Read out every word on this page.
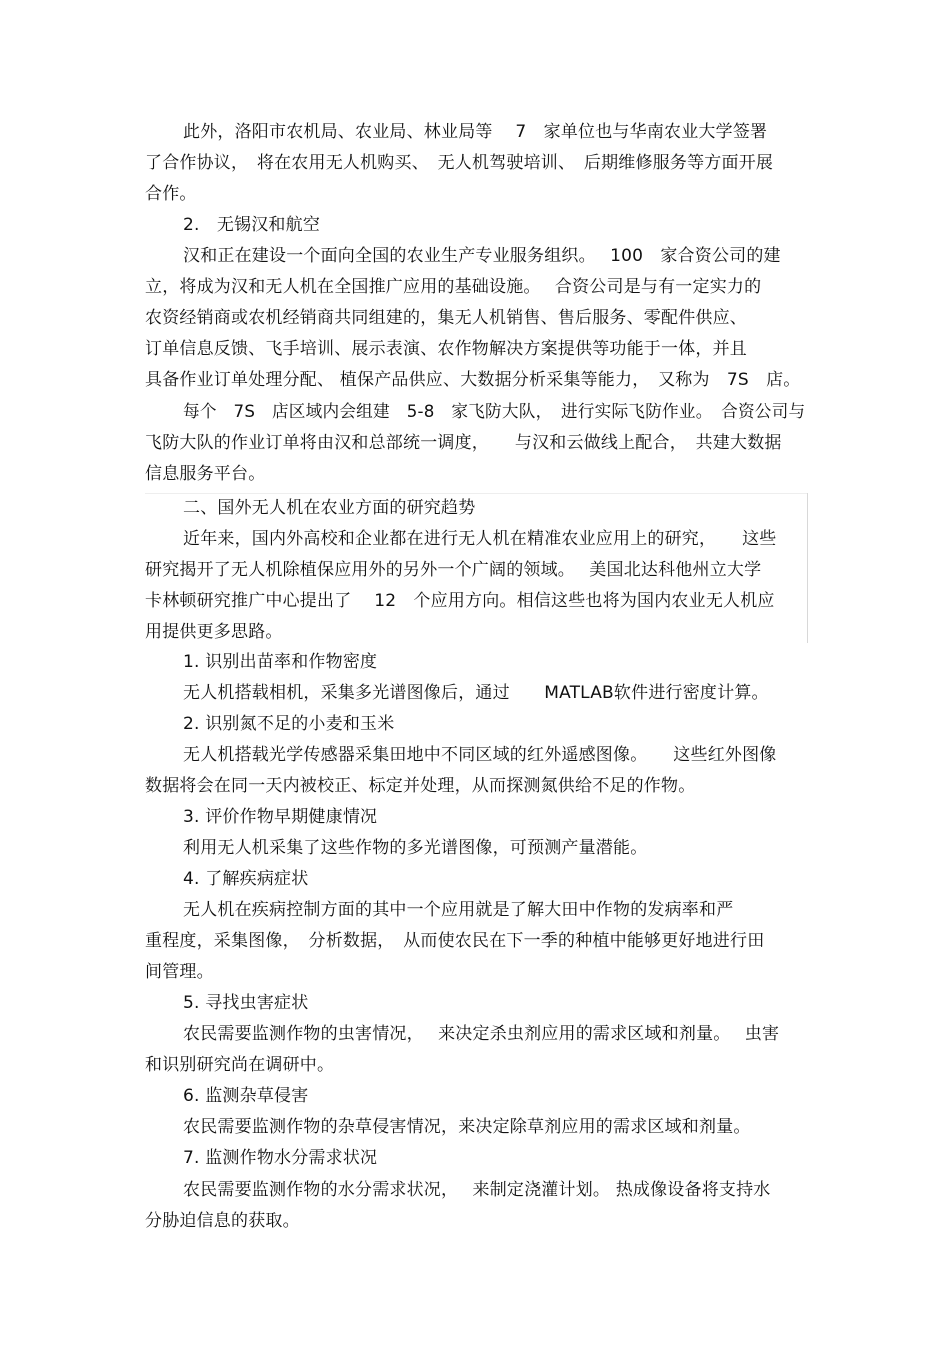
此外，洛阳市农机局、农业局、林业局等　 7　家单位也与华南农业大学签署
了合作协议，　将在农用无人机购买、　无人机驾驶培训、　后期维修服务等方面开展
合作。
2.　无锡汉和航空
汉和正在建设一个面向全国的农业生产专业服务组织。　 100　家合资公司的建
立，将成为汉和无人机在全国推广应用的基础设施。　 合资公司是与有一定实力的
农资经销商或农机经销商共同组建的，集无人机销售、售后服务、零配件供应、
订单信息反馈、飞手培训、展示表演、农作物解决方案提供等功能于一体，并且
具备作业订单处理分配、 植保产品供应、大数据分析采集等能力，　又称为　7S　店。
每个　7S　店区域内会组建　5-8　家飞防大队，　进行实际飞防作业。　合资公司与
飞防大队的作业订单将由汉和总部统一调度，　　与汉和云做线上配合，　共建大数据
信息服务平台。
二、国外无人机在农业方面的研究趋势
近年来，国内外高校和企业都在进行无人机在精准农业应用上的研究，　　这些
研究揭开了无人机除植保应用外的另外一个广阔的领域。　 美国北达科他州立大学
卡林顿研究推广中心提出了　 12　个应用方向。相信这些也将为国内农业无人机应
用提供更多思路。
1. 识别出苗率和作物密度
无人机搭载相机，采集多光谱图像后，通过　　MATLAB软件进行密度计算。
2. 识别氮不足的小麦和玉米
无人机搭载光学传感器采集田地中不同区域的红外遥感图像。　　这些红外图像
数据将会在同一天内被校正、标定并处理，从而探测氮供给不足的作物。
3. 评价作物早期健康情况
利用无人机采集了这些作物的多光谱图像，可预测产量潜能。
4. 了解疾病症状
无人机在疾病控制方面的其中一个应用就是了解大田中作物的发病率和严
重程度，采集图像，　分析数据，　从而使农民在下一季的种植中能够更好地进行田
间管理。
5. 寻找虫害症状
农民需要监测作物的虫害情况，　 来决定杀虫剂应用的需求区域和剂量。　 虫害
和识别研究尚在调研中。
6. 监测杂草侵害
农民需要监测作物的杂草侵害情况，来决定除草剂应用的需求区域和剂量。
7. 监测作物水分需求状况
农民需要监测作物的水分需求状况，　 来制定浇灌计划。 热成像设备将支持水
分胁迫信息的获取。
